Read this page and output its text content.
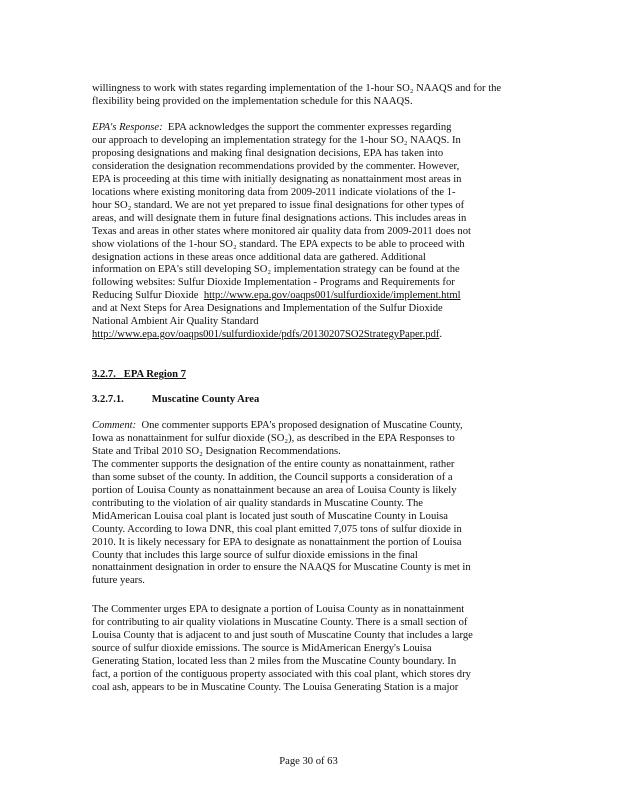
willingness to work with states regarding implementation of the 1-hour SO₂ NAAQS and for the flexibility being provided on the implementation schedule for this NAAQS.

EPA's Response: EPA acknowledges the support the commenter expresses regarding
our approach to developing an implementation strategy for the 1-hour SO₂ NAAQS. In
proposing designations and making final designation decisions, EPA has taken into
consideration the designation recommendations provided by the commenter. However,
EPA is proceeding at this time with initially designating as nonattainment most areas in
locations where existing monitoring data from 2009-2011 indicate violations of the 1-
hour SO₂ standard. We are not yet prepared to issue final designations for other types of
areas, and will designate them in future final designations actions. This includes areas in
Texas and areas in other states where monitored air quality data from 2009-2011 does not
show violations of the 1-hour SO₂ standard. The EPA expects to be able to proceed with
designation actions in these areas once additional data are gathered. Additional
information on EPA's still developing SO₂ implementation strategy can be found at the
following websites: Sulfur Dioxide Implementation - Programs and Requirements for
Reducing Sulfur Dioxide http://www.epa.gov/oaqps001/sulfurdioxide/implement.html
and at Next Steps for Area Designations and Implementation of the Sulfur Dioxide
National Ambient Air Quality Standard
http://www.epa.gov/oaqps001/sulfurdioxide/pdfs/20130207SO2StrategyPaper.pdf.

3.2.7. EPA Region 7

3.2.7.1.	Muscatine County Area

Comment: One commenter supports EPA's proposed designation of Muscatine County,
Iowa as nonattainment for sulfur dioxide (SO₂), as described in the EPA Responses to
State and Tribal 2010 SO₂ Designation Recommendations.
The commenter supports the designation of the entire county as nonattainment, rather
than some subset of the county. In addition, the Council supports a consideration of a
portion of Louisa County as nonattainment because an area of Louisa County is likely
contributing to the violation of air quality standards in Muscatine County. The
MidAmerican Louisa coal plant is located just south of Muscatine County in Louisa
County. According to Iowa DNR, this coal plant emitted 7,075 tons of sulfur dioxide in
2010. It is likely necessary for EPA to designate as nonattainment the portion of Louisa
County that includes this large source of sulfur dioxide emissions in the final
nonattainment designation in order to ensure the NAAQS for Muscatine County is met in
future years.

The Commenter urges EPA to designate a portion of Louisa County as in nonattainment
for contributing to air quality violations in Muscatine County. There is a small section of
Louisa County that is adjacent to and just south of Muscatine County that includes a large
source of sulfur dioxide emissions. The source is MidAmerican Energy's Louisa
Generating Station, located less than 2 miles from the Muscatine County boundary. In
fact, a portion of the contiguous property associated with this coal plant, which stores dry
coal ash, appears to be in Muscatine County. The Louisa Generating Station is a major

Page 30 of 63
